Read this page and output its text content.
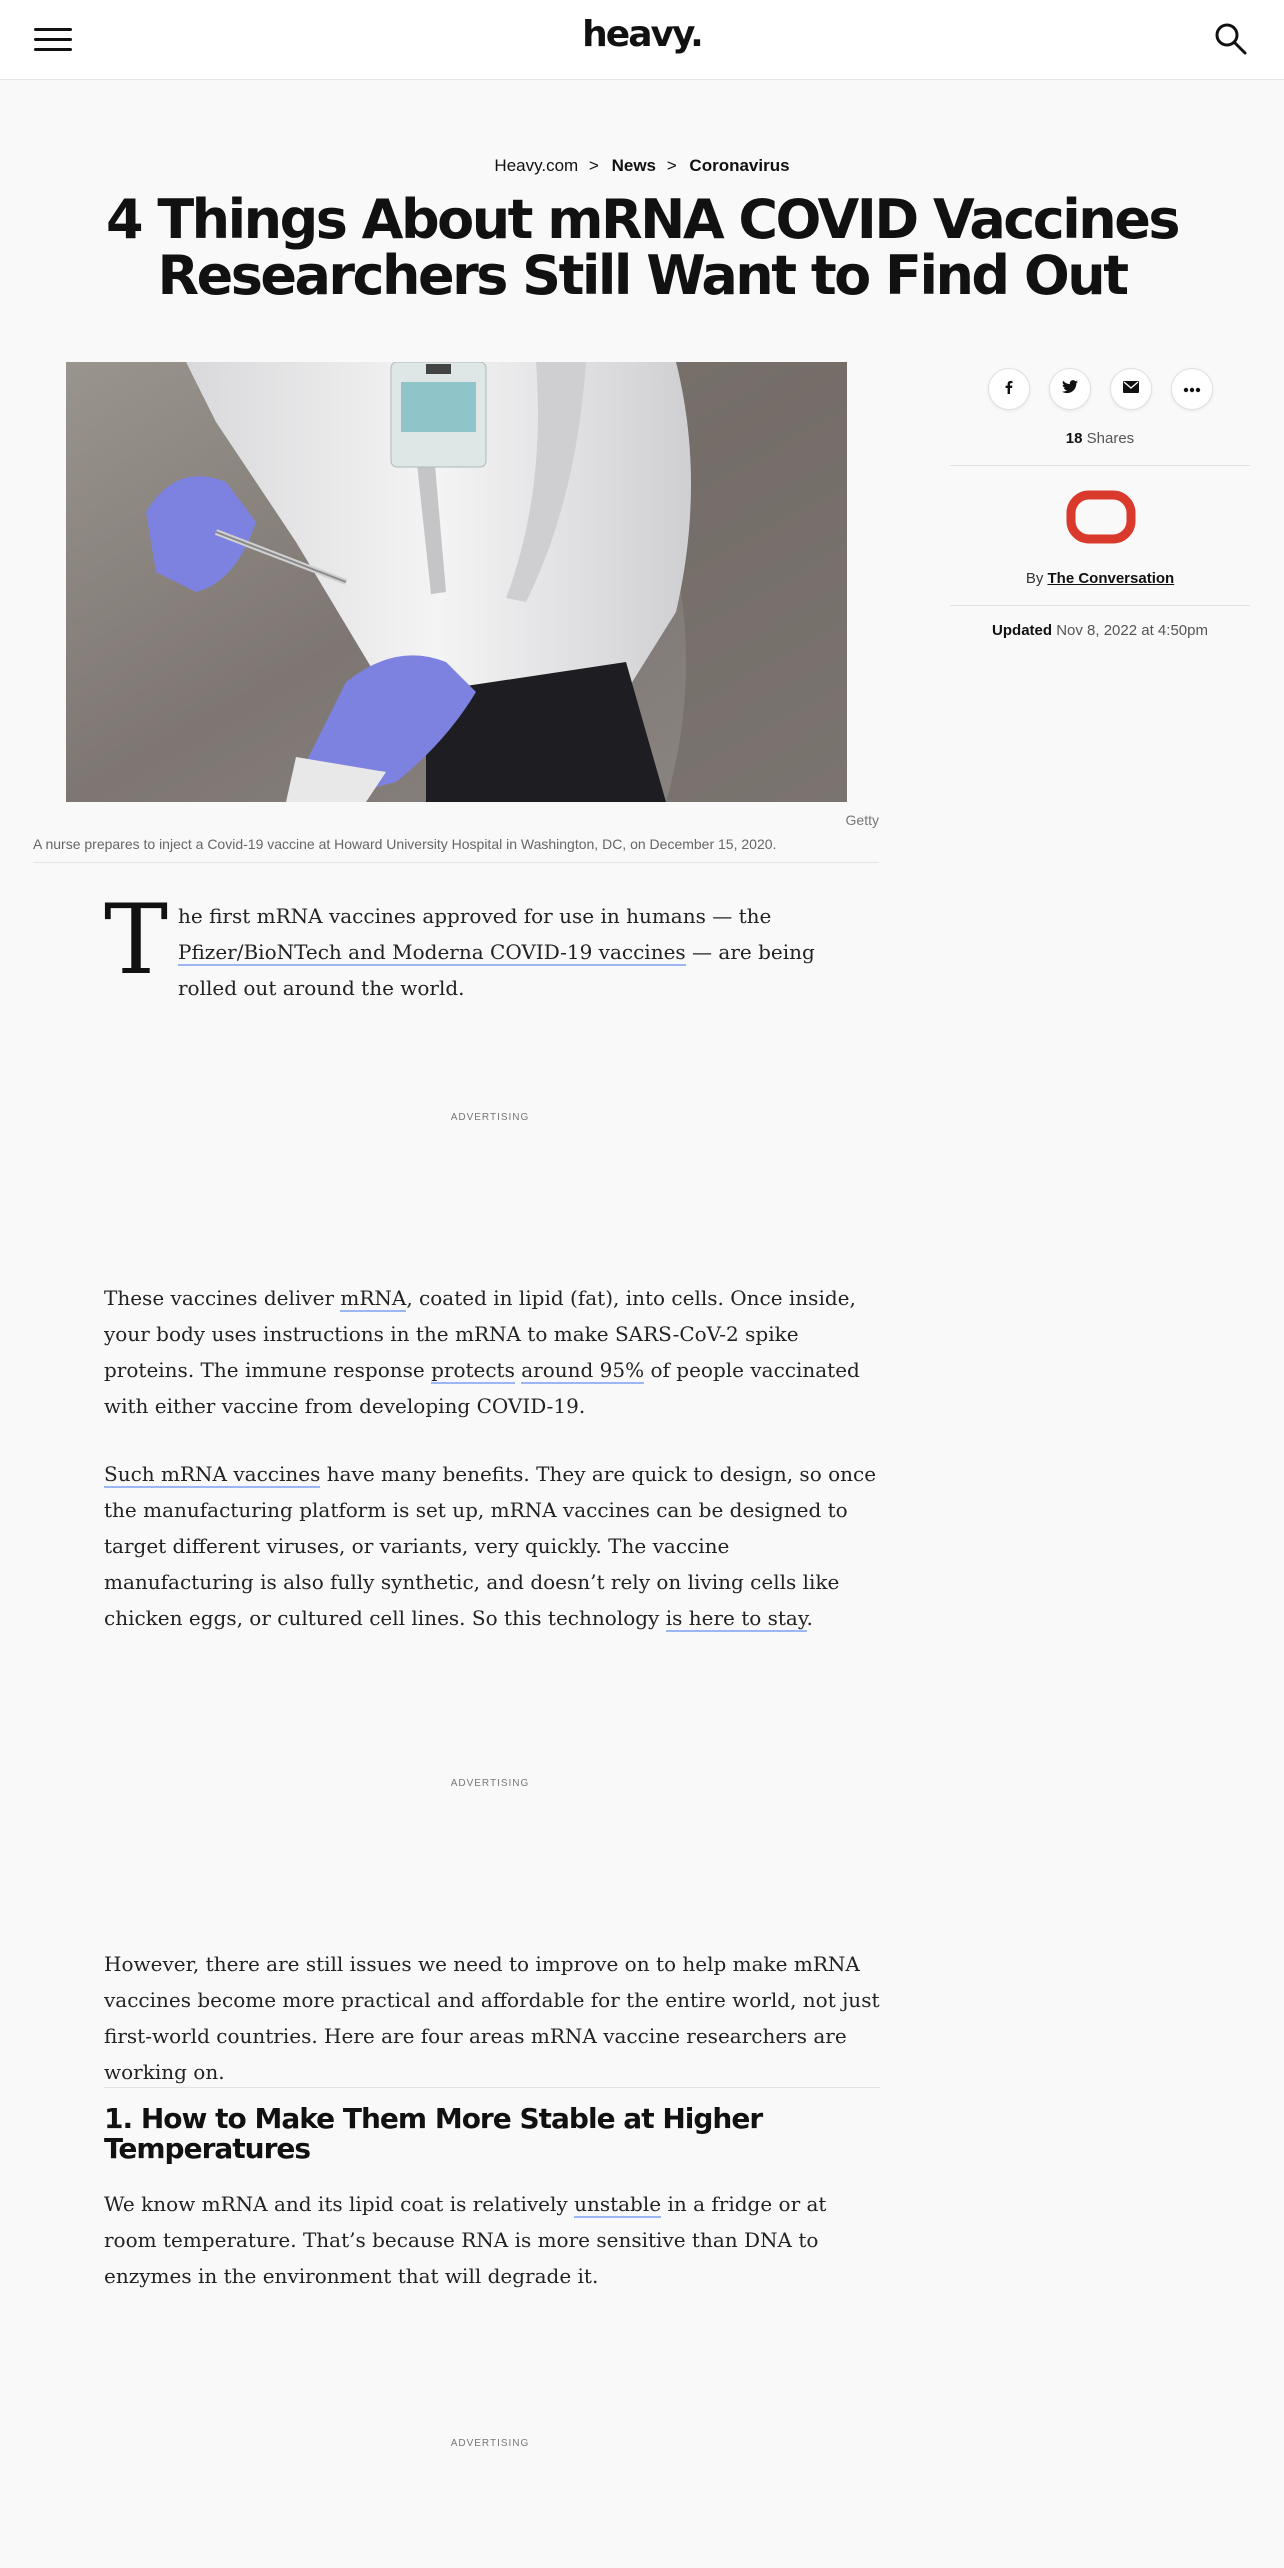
heavy.
Heavy.com > News > Coronavirus
4 Things About mRNA COVID Vaccines
Researchers Still Want to Find Out
Getty
A nurse prepares to inject a Covid-19 vaccine at Howard University Hospital in Washington, DC, on December 15, 2020.
18 Shares
By The Conversation
Updated Nov 8, 2022 at 4:50pm
T he first mRNA vaccines approved for use in humans — the Pfizer/BioNTech and Moderna COVID-19 vaccines — are being rolled out around the world.

ADVERTISING

These vaccines deliver mRNA, coated in lipid (fat), into cells. Once inside, your body uses instructions in the mRNA to make SARS-CoV-2 spike proteins. The immune response protects around 95% of people vaccinated with either vaccine from developing COVID-19.

Such mRNA vaccines have many benefits. They are quick to design, so once the manufacturing platform is set up, mRNA vaccines can be designed to target different viruses, or variants, very quickly. The vaccine manufacturing is also fully synthetic, and doesn’t rely on living cells like chicken eggs, or cultured cell lines. So this technology is here to stay.

ADVERTISING

However, there are still issues we need to improve on to help make mRNA vaccines become more practical and affordable for the entire world, not just first-world countries. Here are four areas mRNA vaccine researchers are working on.

1. How to Make Them More Stable at Higher Temperatures

We know mRNA and its lipid coat is relatively unstable in a fridge or at room temperature. That’s because RNA is more sensitive than DNA to enzymes in the environment that will degrade it.

ADVERTISING
